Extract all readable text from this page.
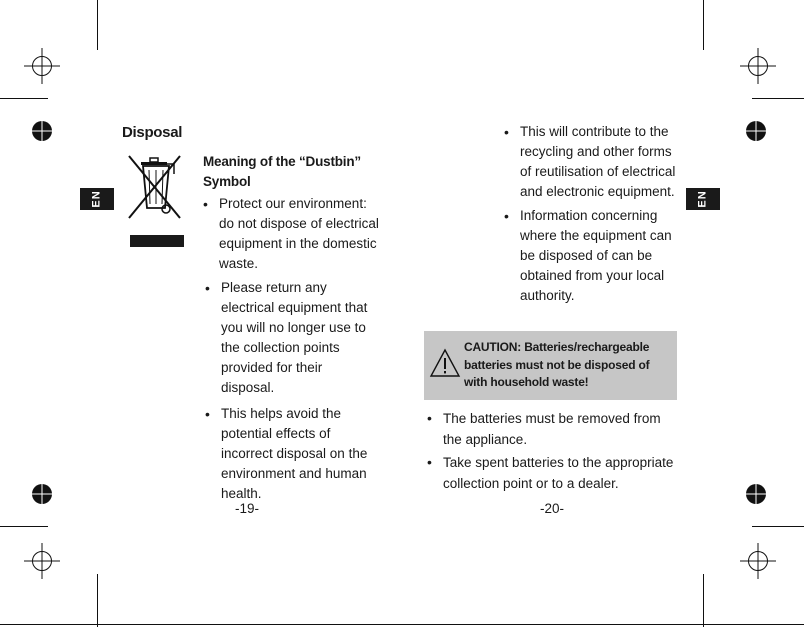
EN	EN
Disposal
Meaning of the “Dustbin” Symbol
• Protect our environment: do not dispose of electrical equipment in the domestic waste.
• Please return any electrical equipment that you will no longer use to the collection points provided for their disposal.
• This helps avoid the potential effects of incorrect disposal on the environment and human health.
-19-
• This will contribute to the recycling and other forms of reutilisation of electrical and electronic equipment.
• Information concerning where the equipment can be disposed of can be obtained from your local authority.
CAUTION: Batteries/rechargeable batteries must not be disposed of with household waste!
• The batteries must be removed from the appliance.
• Take spent batteries to the appropriate collection point or to a dealer.
-20-
